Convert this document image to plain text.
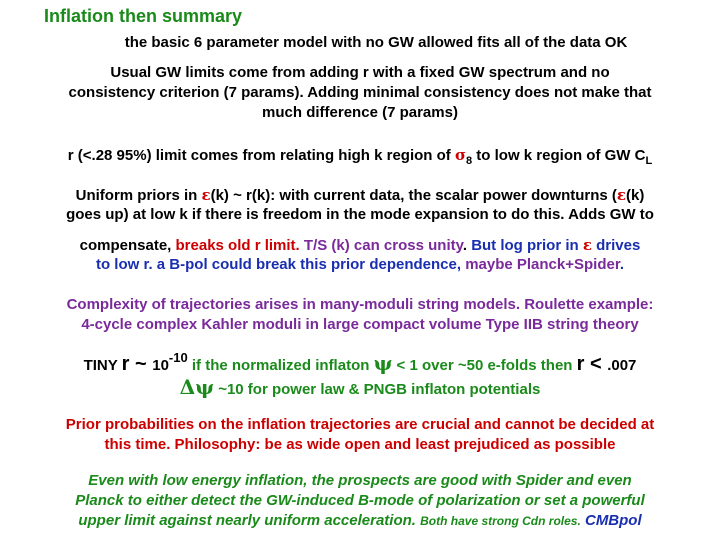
Inflation then summary
the basic 6 parameter model with no GW allowed fits all of the data OK
Usual GW limits come from adding r with a fixed GW spectrum and no
consistency criterion (7 params). Adding minimal consistency does not make that
much difference (7 params)
r (<.28 95%) limit comes from relating high k region of $\sigma_8$ to low k region of GW $C_L$
Uniform priors in ε(k) ~ r(k): with current data, the scalar power downturns (ε(k)
goes up) at low k if there is freedom in the mode expansion to do this. Adds GW to
compensate, breaks old r limit. T/S (k) can cross unity. But log prior in ε drives
to low r. a B-pol could break this prior dependence, maybe Planck+Spider.
Complexity of trajectories arises in many-moduli string models. Roulette example:
4-cycle complex Kahler moduli in large compact volume Type IIB string theory
TINY r ~ 10-10 if the normalized inflaton ψ < 1 over ~50 e-folds then r < .007
Δψ ~10 for power law & PNGB inflaton potentials
Prior probabilities on the inflation trajectories are crucial and cannot be decided at
this time. Philosophy: be as wide open and least prejudiced as possible
Even with low energy inflation, the prospects are good with Spider and even
Planck to either detect the GW-induced B-mode of polarization or set a powerful
upper limit against nearly uniform acceleration. Both have strong Cdn roles. CMBpol
